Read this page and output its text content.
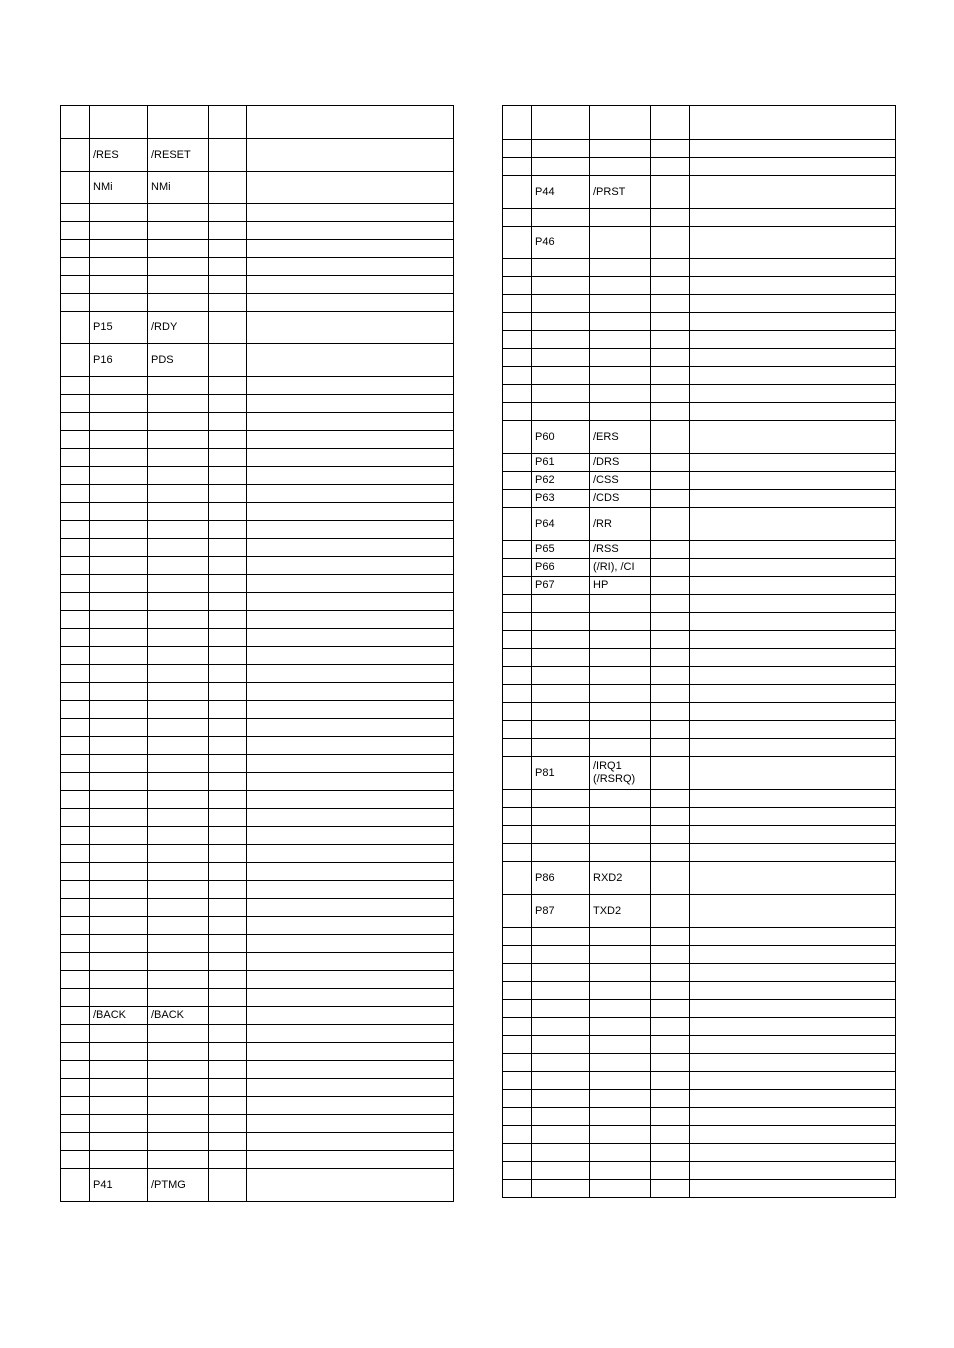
	/RES	/RESET		
	NMi	NMi		

	P15	/RDY		
	P16	PDS		

	/BACK	/BACK		

	P41	/PTMG		

	P44	/PRST		

	P46			

	P60	/ERS		
	P61	/DRS		
	P62	/CSS		
	P63	/CDS		
	P64	/RR		
	P65	/RSS		
	P66	(/RI), /CI		
	P67	HP		

	P81	/IRQ1
(/RSRQ)		

	P86	RXD2		
	P87	TXD2		
